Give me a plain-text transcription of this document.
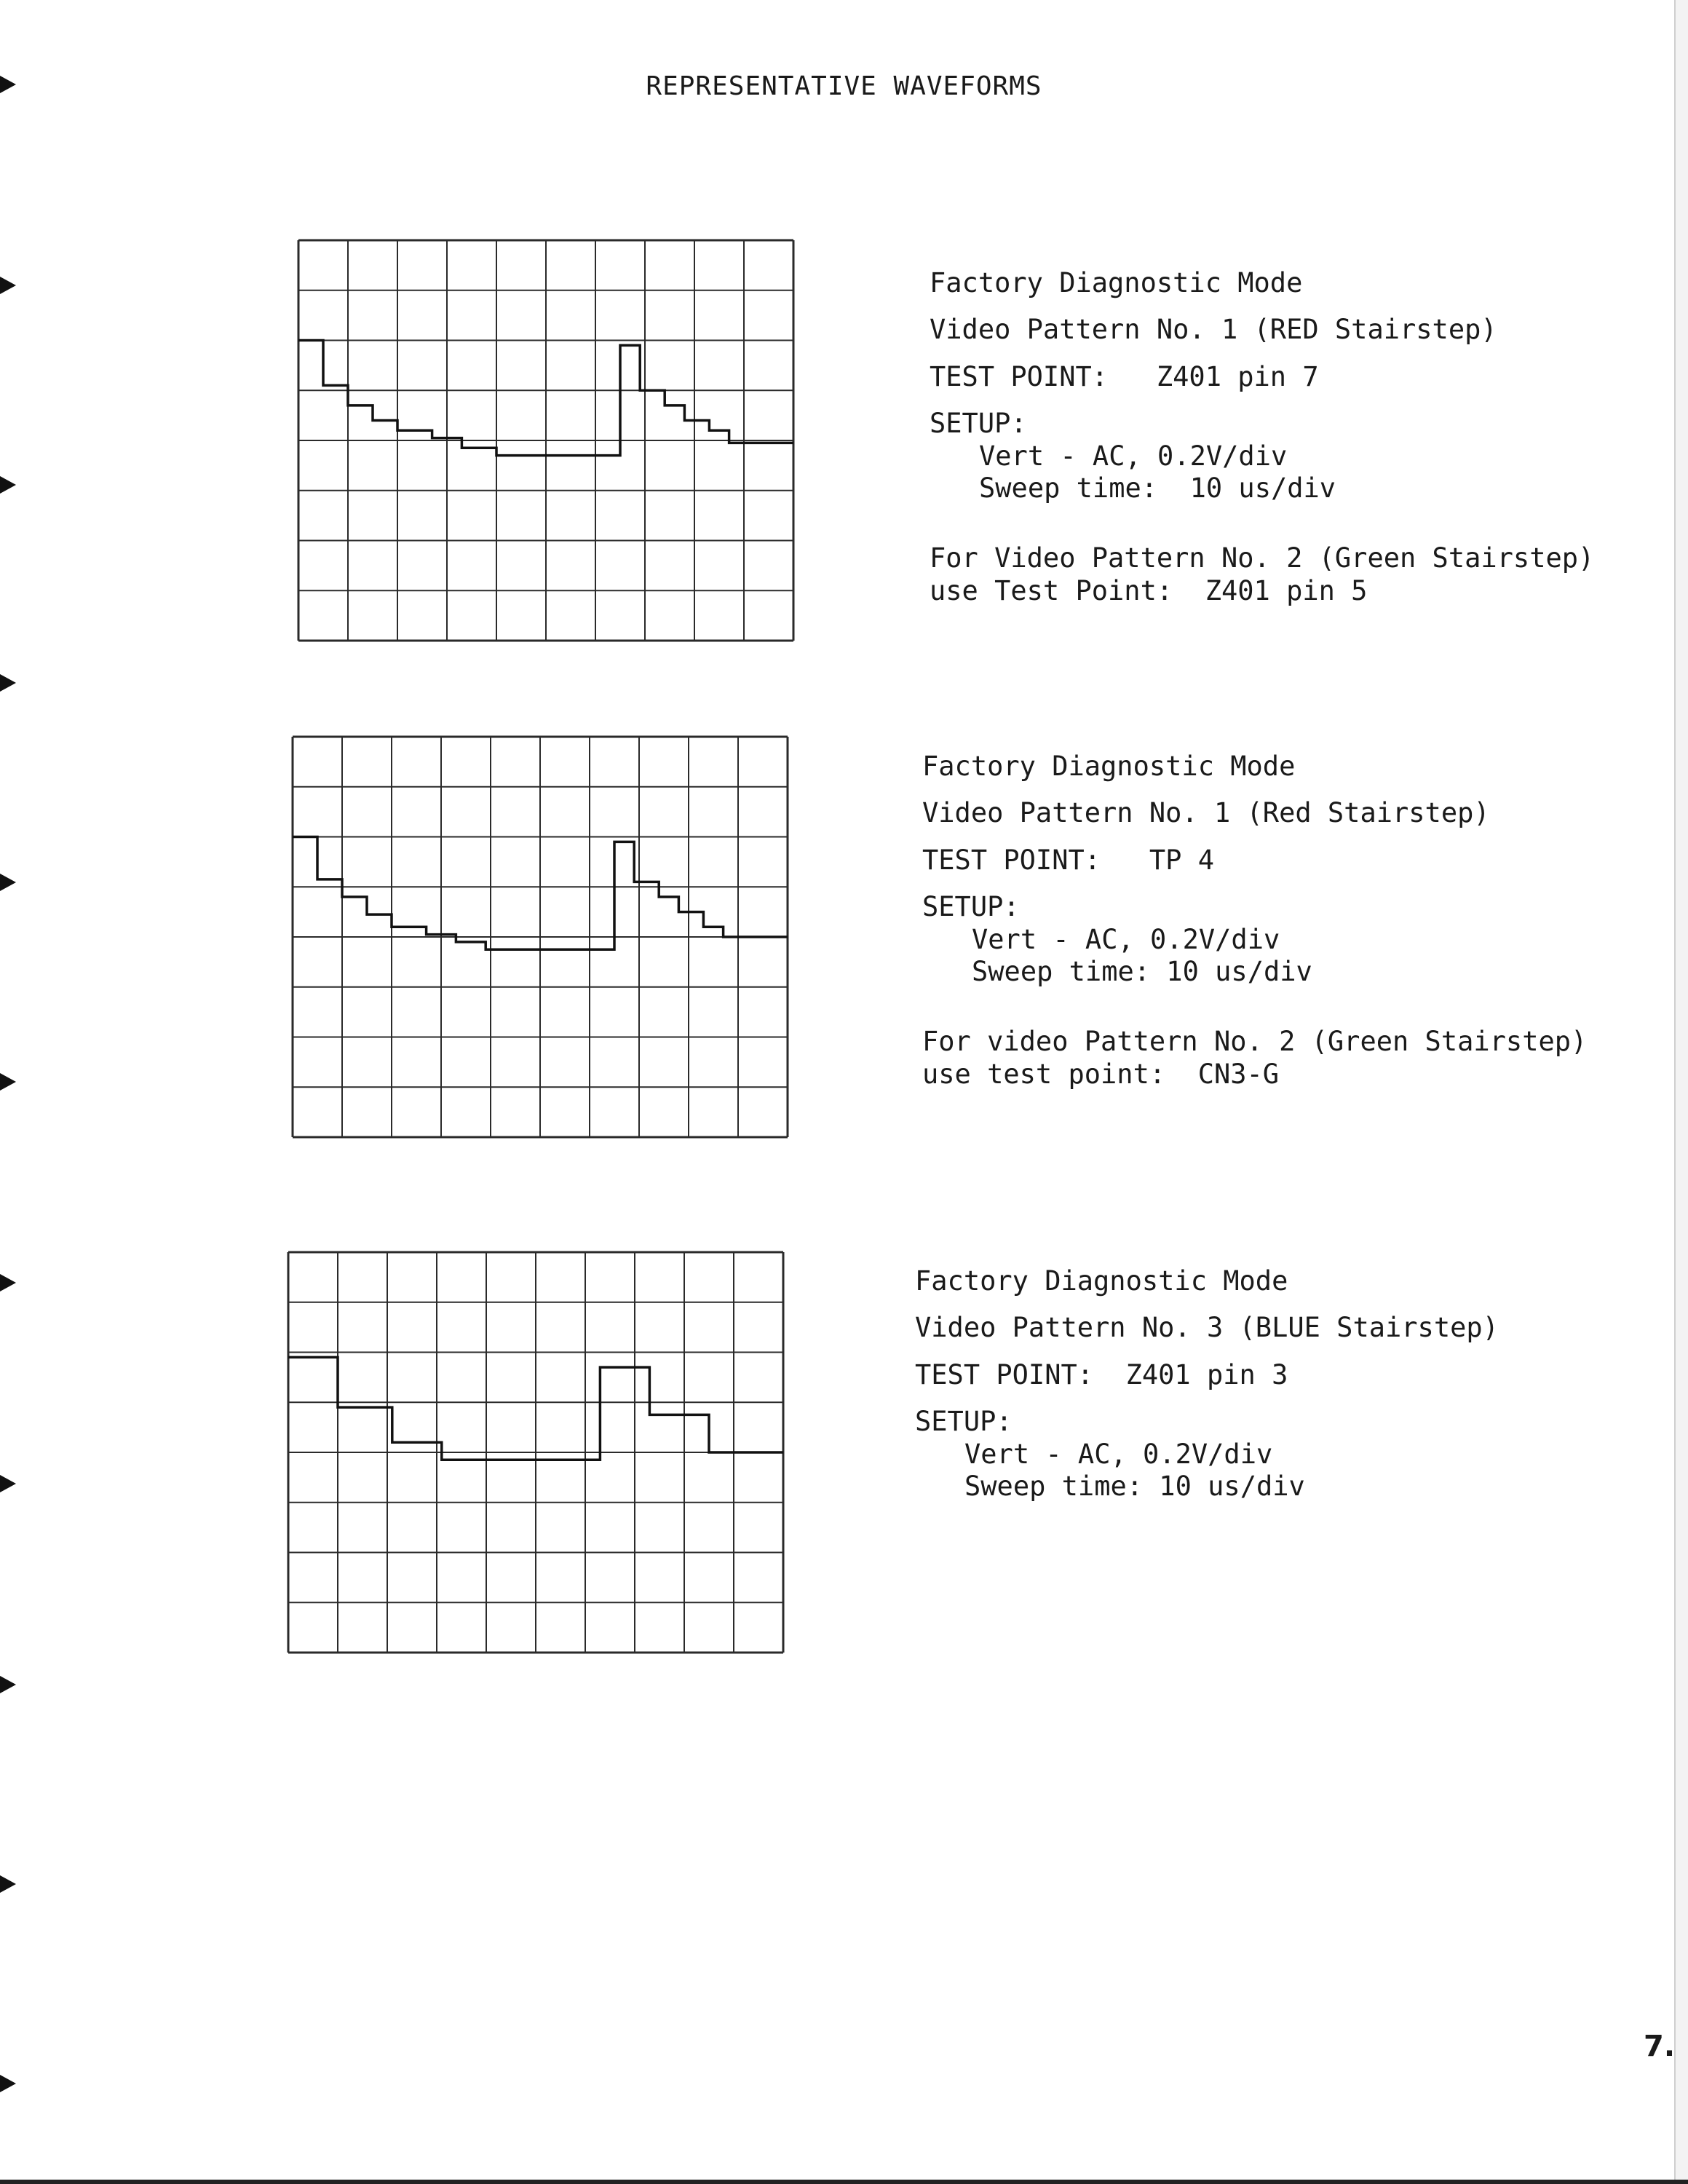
REPRESENTATIVE WAVEFORMS
Factory Diagnostic Mode
Video Pattern No. 1 (RED Stairstep)
TEST POINT:   Z401 pin 7
SETUP:
Vert - AC, 0.2V/div
Sweep time:  10 us/div
For Video Pattern No. 2 (Green Stairstep)
use Test Point:  Z401 pin 5
Factory Diagnostic Mode
Video Pattern No. 1 (Red Stairstep)
TEST POINT:   TP 4
SETUP:
Vert - AC, 0.2V/div
Sweep time: 10 us/div
For video Pattern No. 2 (Green Stairstep)
use test point:  CN3-G
Factory Diagnostic Mode
Video Pattern No. 3 (BLUE Stairstep)
TEST POINT:  Z401 pin 3
SETUP:
Vert - AC, 0.2V/div
Sweep time: 10 us/div
7.
